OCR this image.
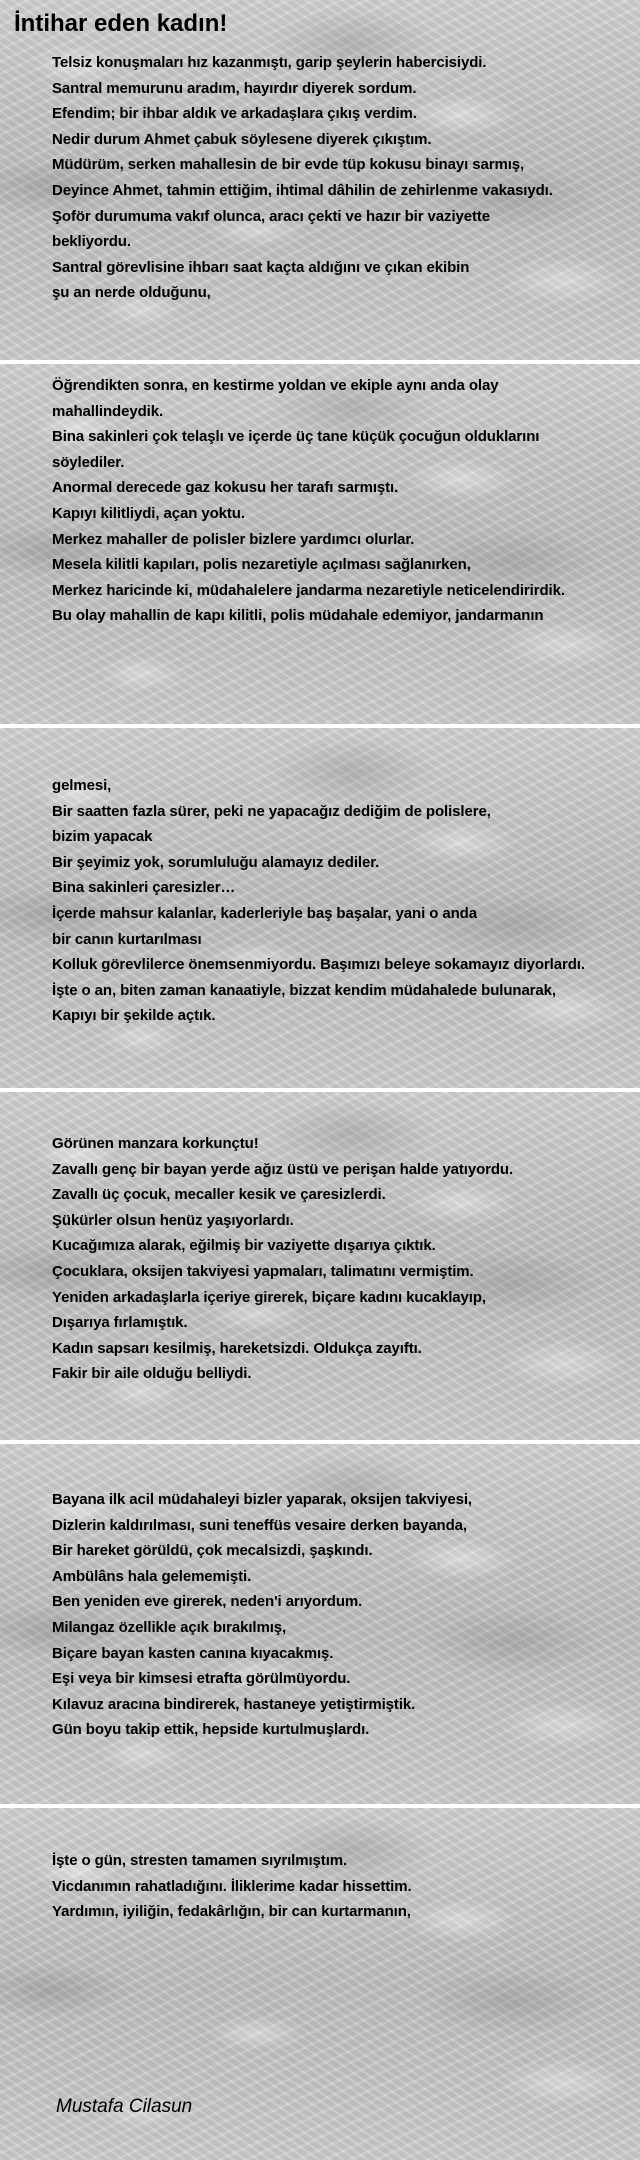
İntihar eden kadın!
Telsiz konuşmaları hız kazanmıştı, garip şeylerin habercisiydi.
Santral memurunu aradım, hayırdır diyerek sordum.
Efendim; bir ihbar aldık ve arkadaşlara çıkış verdim.
Nedir durum Ahmet çabuk söylesene diyerek çıkıştım.
Müdürüm, serken mahallesin de bir evde tüp kokusu binayı sarmış,
Deyince Ahmet, tahmin ettiğim, ihtimal dâhilin de zehirlenme vakasıydı.
Şoför durumuma vakıf olunca, aracı çekti ve hazır bir vaziyette
bekliyordu.
Santral görevlisine ihbarı saat kaçta aldığını ve çıkan ekibin
şu an nerde olduğunu,
Öğrendikten sonra, en kestirme yoldan ve ekiple aynı anda olay
mahallindeydik.
Bina sakinleri çok telaşlı ve içerde üç tane küçük çocuğun olduklarını
söylediler.
Anormal derecede gaz kokusu her tarafı sarmıştı.
Kapıyı kilitliydi, açan yoktu.
Merkez mahaller de polisler bizlere yardımcı olurlar.
Mesela kilitli kapıları, polis nezaretiyle açılması sağlanırken,
Merkez haricinde ki, müdahalelere jandarma nezaretiyle neticelendirirdik.
Bu olay mahallin de kapı kilitli, polis müdahale edemiyor, jandarmanın
gelmesi,
Bir saatten fazla sürer, peki ne yapacağız dediğim de polislere,
bizim yapacak
Bir şeyimiz yok, sorumluluğu alamayız dediler.
Bina sakinleri çaresizler…
İçerde mahsur kalanlar, kaderleriyle baş başalar, yani o anda
bir canın kurtarılması
Kolluk görevlilerce önemsenmiyordu. Başımızı beleye sokamayız diyorlardı.
İşte o an, biten zaman kanaatiyle, bizzat kendim müdahalede bulunarak,
Kapıyı bir şekilde açtık.
Görünen manzara korkunçtu!
Zavallı genç bir bayan yerde ağız üstü ve perişan halde yatıyordu.
Zavallı üç çocuk, mecaller kesik ve çaresizlerdi.
Şükürler olsun henüz yaşıyorlardı.
Kucağımıza alarak, eğilmiş bir vaziyette dışarıya çıktık.
Çocuklara, oksijen takviyesi yapmaları, talimatını vermiştim.
Yeniden arkadaşlarla içeriye girerek, biçare kadını kucaklayıp,
Dışarıya fırlamıştık.
Kadın sapsarı kesilmiş, hareketsizdi. Oldukça zayıftı.
Fakir bir aile olduğu belliydi.
Bayana ilk acil müdahaleyi bizler yaparak, oksijen takviyesi,
Dizlerin kaldırılması, suni teneffüs vesaire derken bayanda,
Bir hareket görüldü, çok mecalsizdi, şaşkındı.
Ambülâns hala gelememişti.
Ben yeniden eve girerek, neden'i arıyordum.
Milangaz özellikle açık bırakılmış,
Biçare bayan kasten canına kıyacakmış.
Eşi veya bir kimsesi etrafta görülmüyordu.
Kılavuz aracına bindirerek, hastaneye yetiştirmiştik.
Gün boyu takip ettik, hepside kurtulmuşlardı.
İşte o gün, stresten tamamen sıyrılmıştım.
Vicdanımın rahatladığını. İliklerime kadar hissettim.
Yardımın, iyiliğin, fedakârlığın, bir can kurtarmanın,
Mustafa Cilasun
